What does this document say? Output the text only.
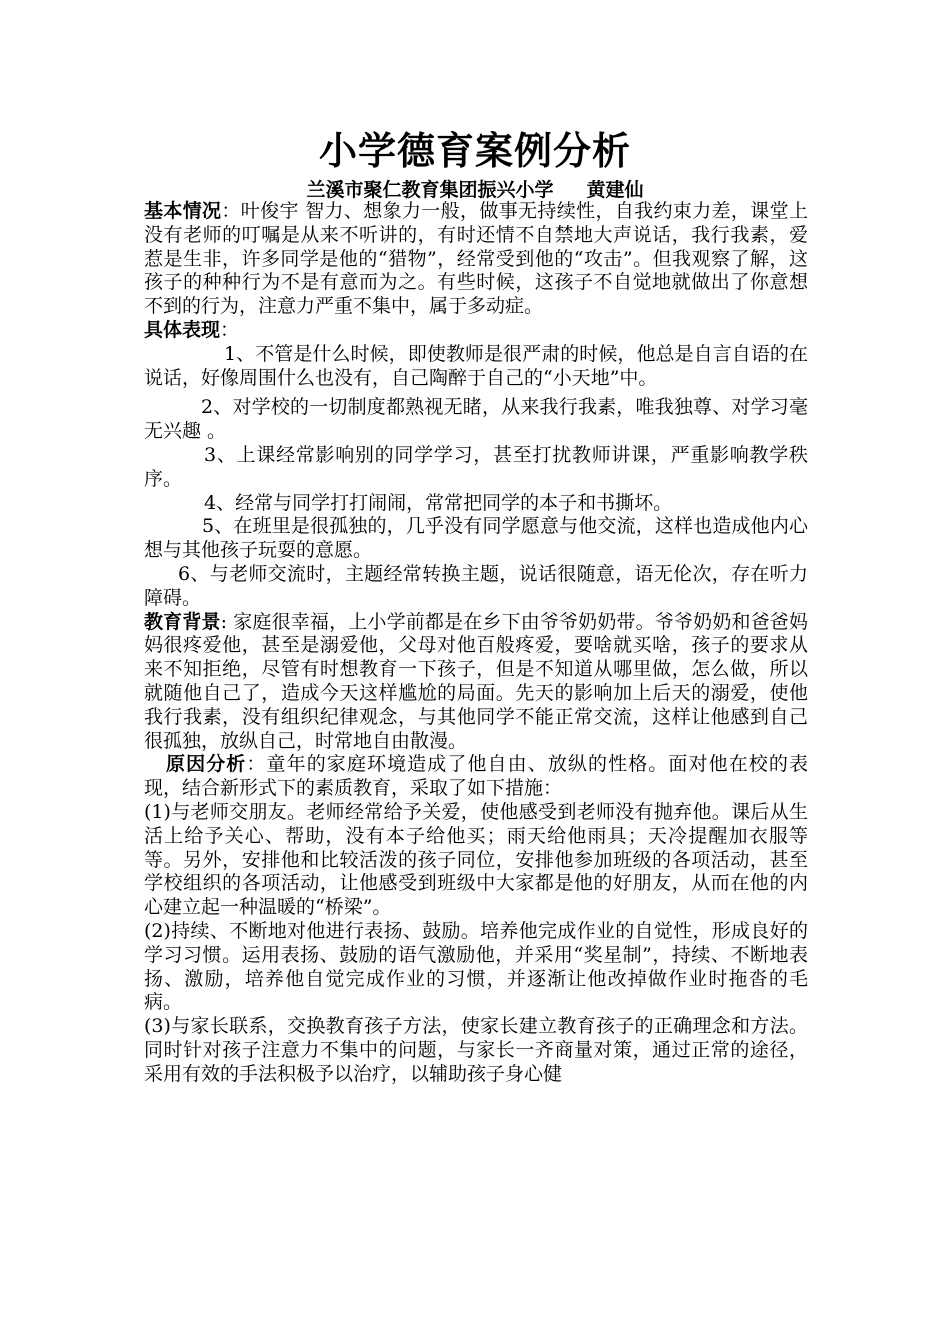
小学德育案例分析
兰溪市聚仁教育集团振兴小学     黄建仙

基本情况：叶俊宇 智力、想象力一般，做事无持续性，自我约束力差，课堂上没有老师的叮嘱是从来不听讲的，有时还情不自禁地大声说话，我行我素，爱惹是生非，许多同学是他的“猎物”，经常受到他的“攻击”。但我观察了解，这孩子的种种行为不是有意而为之。有些时候，这孩子不自觉地就做出了你意想不到的行为，注意力严重不集中，属于多动症。

具体表现：

1、不管是什么时候，即使教师是很严肃的时候，他总是自言自语的在说话，好像周围什么也没有，自己陶醉于自己的“小天地”中。

2、对学校的一切制度都熟视无睹，从来我行我素，唯我独尊、对学习毫无兴趣 。

3、上课经常影响别的同学学习，甚至打扰教师讲课，严重影响教学秩序。

4、经常与同学打打闹闹，常常把同学的本子和书撕坏。

5、在班里是很孤独的，几乎没有同学愿意与他交流，这样也造成他内心想与其他孩子玩耍的意愿。

6、与老师交流时，主题经常转换主题，说话很随意，语无伦次，存在听力障碍。

教育背景: 家庭很幸福，上小学前都是在乡下由爷爷奶奶带。爷爷奶奶和爸爸妈妈很疼爱他，甚至是溺爱他，父母对他百般疼爱，要啥就买啥，孩子的要求从来不知拒绝，尽管有时想教育一下孩子，但是不知道从哪里做，怎么做，所以就随他自己了，造成今天这样尴尬的局面。先天的影响加上后天的溺爱，使他我行我素，没有组织纪律观念，与其他同学不能正常交流，这样让他感到自己很孤独，放纵自己，时常地自由散漫。

原因分析：童年的家庭环境造成了他自由、放纵的性格。面对他在校的表现，结合新形式下的素质教育，采取了如下措施：

(1)与老师交朋友。老师经常给予关爱，使他感受到老师没有抛弃他。课后从生活上给予关心、帮助，没有本子给他买；雨天给他雨具；天冷提醒加衣服等等。另外，安排他和比较活泼的孩子同位，安排他参加班级的各项活动，甚至学校组织的各项活动，让他感受到班级中大家都是他的好朋友，从而在他的内心建立起一种温暖的“桥梁”。

(2)持续、不断地对他进行表扬、鼓励。培养他完成作业的自觉性，形成良好的学习习惯。运用表扬、鼓励的语气激励他，并采用“奖星制”，持续、不断地表扬、激励，培养他自觉完成作业的习惯，并逐渐让他改掉做作业时拖沓的毛病。

(3)与家长联系，交换教育孩子方法，使家长建立教育孩子的正确理念和方法。同时针对孩子注意力不集中的问题，与家长一齐商量对策，通过正常的途径，采用有效的手法积极予以治疗，以辅助孩子身心健
